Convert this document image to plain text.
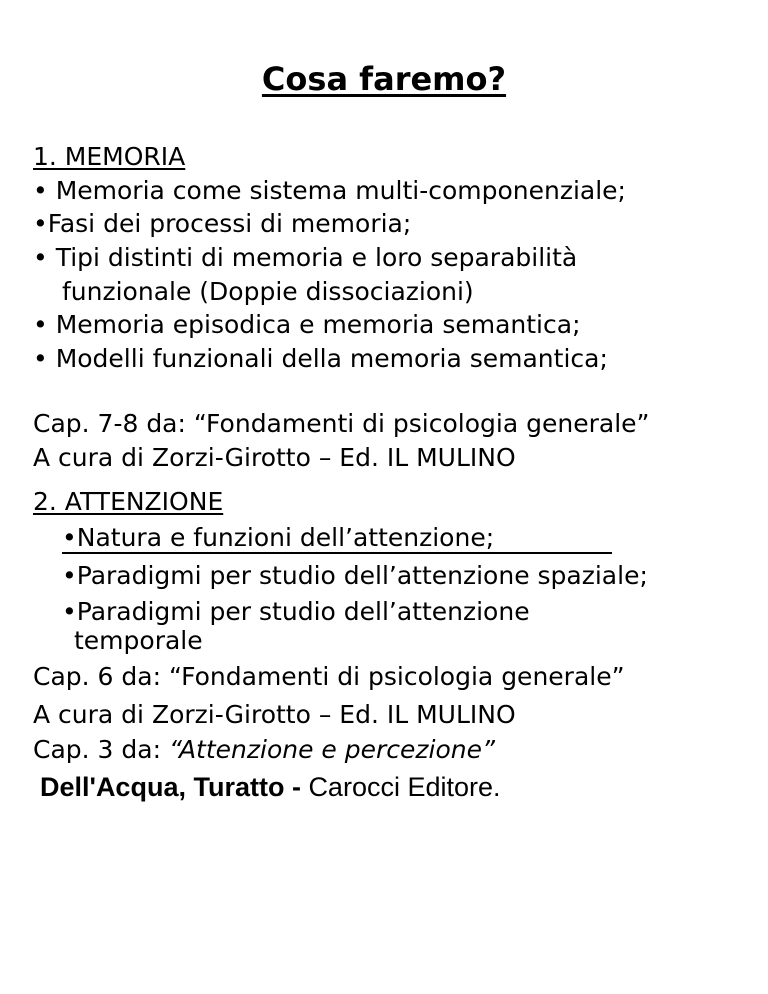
Cosa faremo?
1. MEMORIA
• Memoria come sistema multi-componenziale;
•Fasi dei processi di memoria;
• Tipi distinti di memoria e loro separabilità
funzionale (Doppie dissociazioni)
• Memoria episodica e memoria semantica;
• Modelli funzionali della memoria semantica;
Cap. 7-8 da: “Fondamenti di psicologia generale”
A cura di Zorzi-Girotto – Ed. IL MULINO
2. ATTENZIONE
•Natura e funzioni dell’attenzione;
•Paradigmi per studio dell’attenzione spaziale;
•Paradigmi per studio dell’attenzione
temporale
Cap. 6 da: “Fondamenti di psicologia generale”
A cura di Zorzi-Girotto – Ed. IL MULINO
Cap. 3 da: “Attenzione e percezione”
Dell'Acqua, Turatto - Carocci Editore.
